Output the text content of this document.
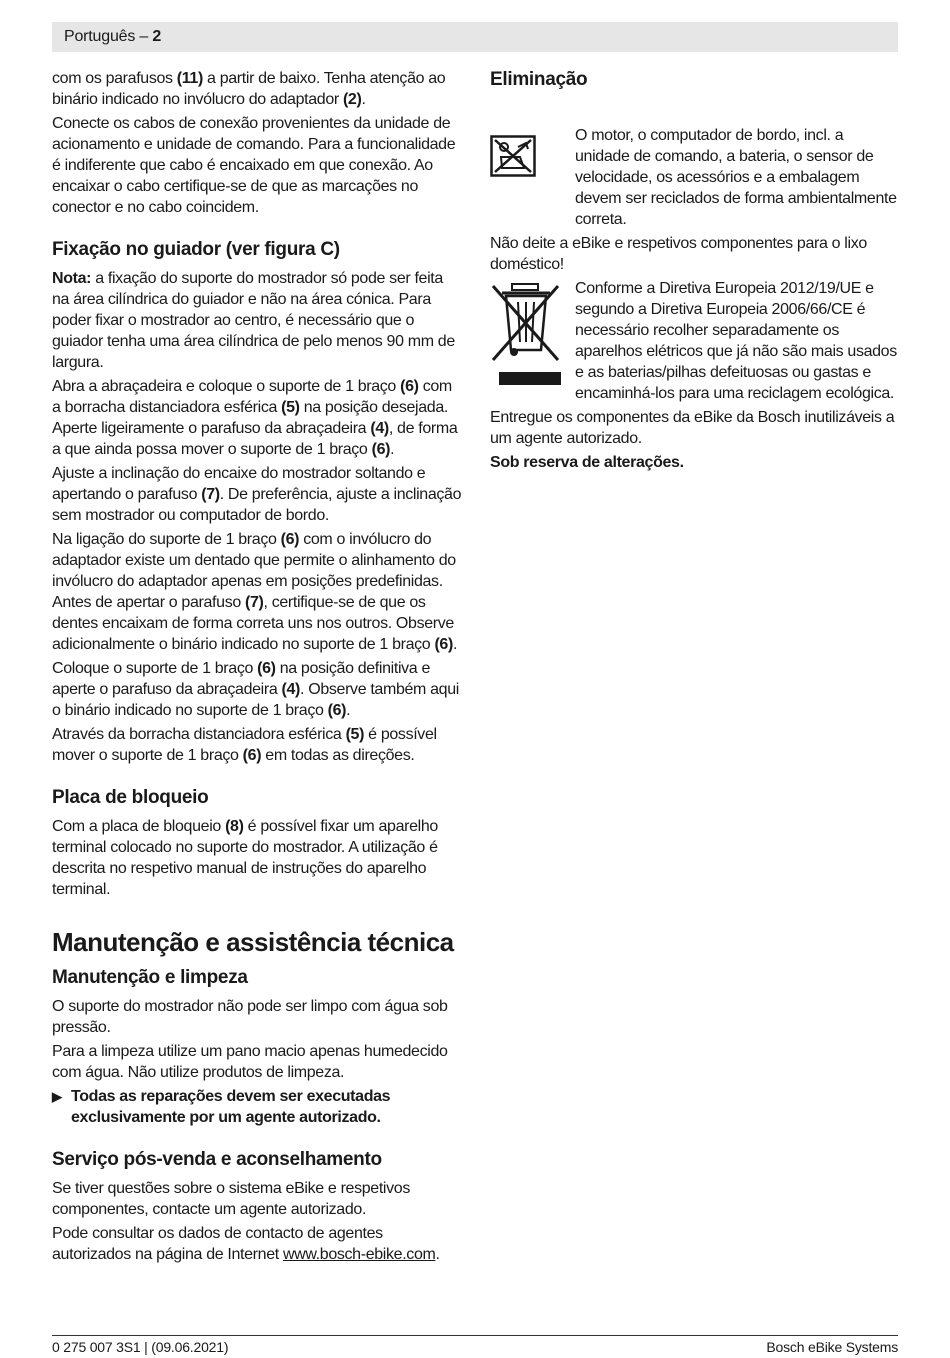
Português – 2

com os parafusos (11) a partir de baixo. Tenha atenção ao binário indicado no invólucro do adaptador (2).

Conecte os cabos de conexão provenientes da unidade de acionamento e unidade de comando. Para a funcionalidade é indiferente que cabo é encaixado em que conexão. Ao encaixar o cabo certifique-se de que as marcações no conector e no cabo coincidem.

Fixação no guiador (ver figura C)

Nota: a fixação do suporte do mostrador só pode ser feita na área cilíndrica do guiador e não na área cónica. Para poder fixar o mostrador ao centro, é necessário que o guiador tenha uma área cilíndrica de pelo menos 90 mm de largura.

Abra a abraçadeira e coloque o suporte de 1 braço (6) com a borracha distanciadora esférica (5) na posição desejada. Aperte ligeiramente o parafuso da abraçadeira (4), de forma a que ainda possa mover o suporte de 1 braço (6).

Ajuste a inclinação do encaixe do mostrador soltando e apertando o parafuso (7). De preferência, ajuste a inclinação sem mostrador ou computador de bordo.

Na ligação do suporte de 1 braço (6) com o invólucro do adaptador existe um dentado que permite o alinhamento do invólucro do adaptador apenas em posições predefinidas. Antes de apertar o parafuso (7), certifique-se de que os dentes encaixam de forma correta uns nos outros. Observe adicionalmente o binário indicado no suporte de 1 braço (6).

Coloque o suporte de 1 braço (6) na posição definitiva e aperte o parafuso da abraçadeira (4). Observe também aqui o binário indicado no suporte de 1 braço (6).

Através da borracha distanciadora esférica (5) é possível mover o suporte de 1 braço (6) em todas as direções.

Placa de bloqueio

Com a placa de bloqueio (8) é possível fixar um aparelho terminal colocado no suporte do mostrador. A utilização é descrita no respetivo manual de instruções do aparelho terminal.

Manutenção e assistência técnica
Manutenção e limpeza

O suporte do mostrador não pode ser limpo com água sob pressão.

Para a limpeza utilize um pano macio apenas humedecido com água. Não utilize produtos de limpeza.

▶ Todas as reparações devem ser executadas exclusivamente por um agente autorizado.
Serviço pós-venda e aconselhamento

Se tiver questões sobre o sistema eBike e respetivos componentes, contacte um agente autorizado.

Pode consultar os dados de contacto de agentes autorizados na página de Internet www.bosch-ebike.com.

Eliminação

O motor, o computador de bordo, incl. a unidade de comando, a bateria, o sensor de velocidade, os acessórios e a embalagem devem ser reciclados de forma ambientalmente correta.

Não deite a eBike e respetivos componentes para o lixo doméstico!

Conforme a Diretiva Europeia 2012/19/UE e segundo a Diretiva Europeia 2006/66/CE é necessário recolher separadamente os aparelhos elétricos que já não são mais usados e as baterias/pilhas defeituosas ou gastas e encaminhá-los para uma reciclagem ecológica.

Entregue os componentes da eBike da Bosch inutilizáveis a um agente autorizado.

Sob reserva de alterações.

0 275 007 3S1 | (09.06.2021)	Bosch eBike Systems
